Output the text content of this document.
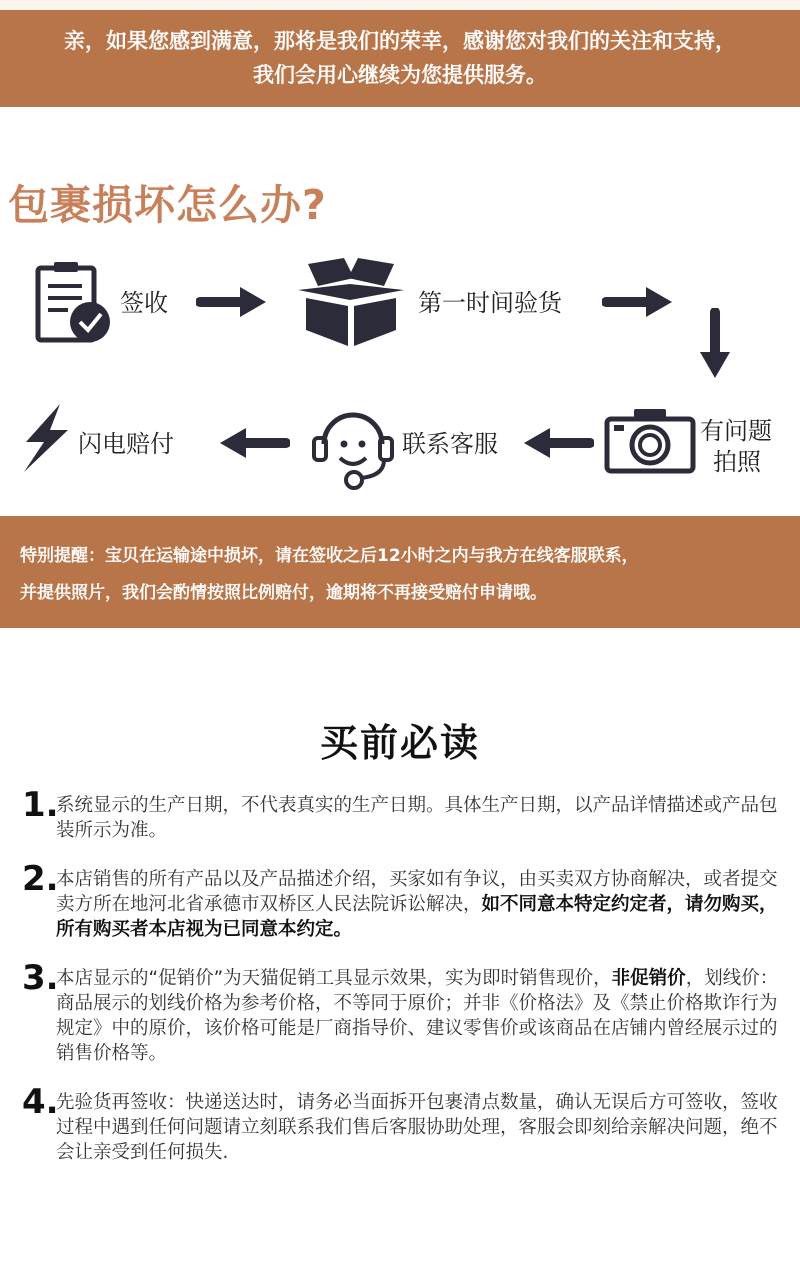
亲，如果您感到满意，那将是我们的荣幸，感谢您对我们的关注和支持，
我们会用心继续为您提供服务。
包裹损坏怎么办?
签收	第一时间验货
有问题
拍照
联系客服
闪电赔付
特别提醒：宝贝在运输途中损坏，请在签收之后12小时之内与我方在线客服联系，
并提供照片，我们会酌情按照比例赔付，逾期将不再接受赔付申请哦。
买前必读
1.
系统显示的生产日期，不代表真实的生产日期。具体生产日期，以产品详情描述或产品包装所示为准。
2.
本店销售的所有产品以及产品描述介绍，买家如有争议，由买卖双方协商解决，或者提交卖方所在地河北省承德市双桥区人民法院诉讼解决，如不同意本特定约定者，请勿购买，所有购买者本店视为已同意本约定。
3.
本店显示的“促销价”为天猫促销工具显示效果，实为即时销售现价，非促销价，划线价：商品展示的划线价格为参考价格，不等同于原价；并非《价格法》及《禁止价格欺诈行为规定》中的原价，该价格可能是厂商指导价、建议零售价或该商品在店铺内曾经展示过的销售价格等。
4.
先验货再签收：快递送达时，请务必当面拆开包裹清点数量，确认无误后方可签收，签收过程中遇到任何问题请立刻联系我们售后客服协助处理，客服会即刻给亲解决问题，绝不会让亲受到任何损失.
